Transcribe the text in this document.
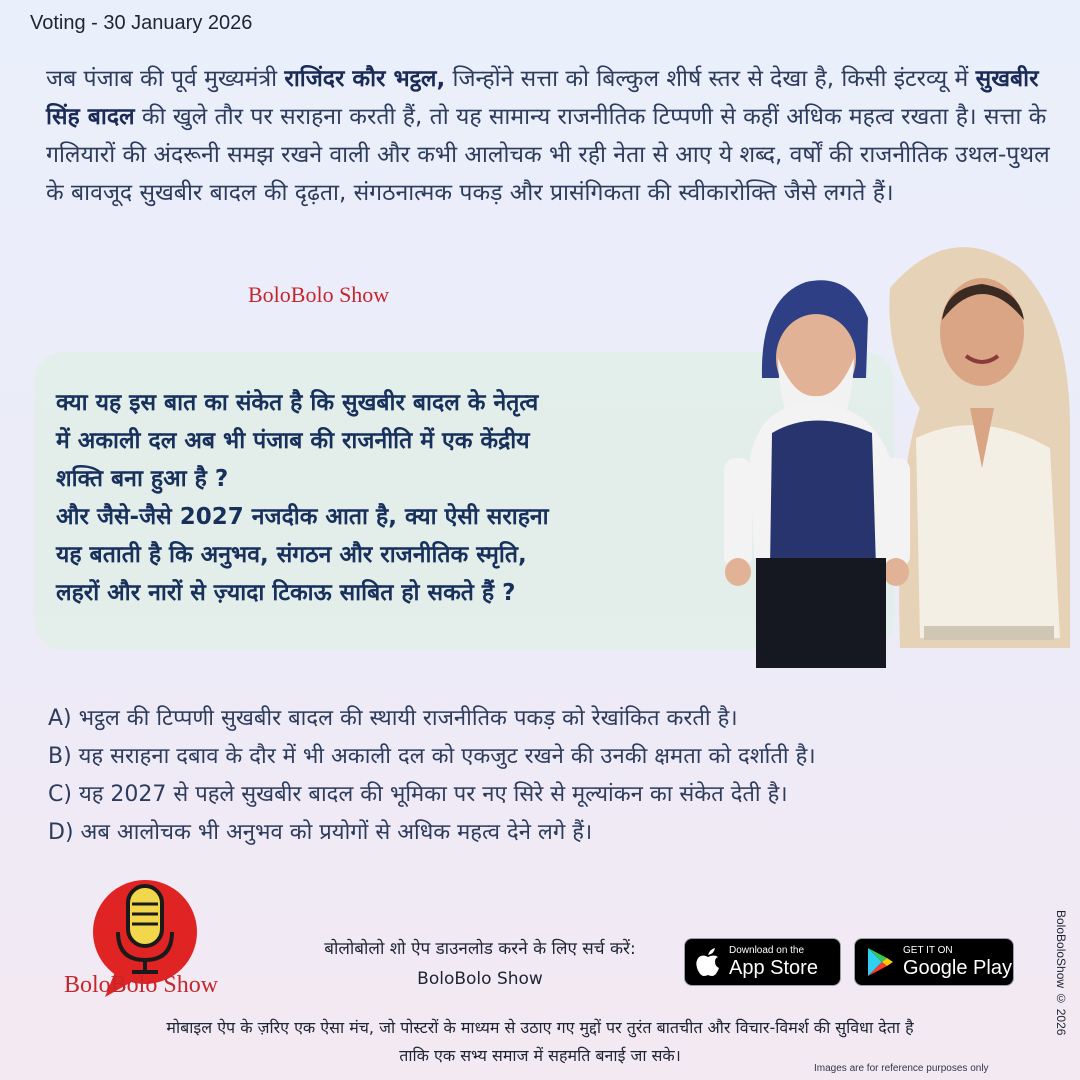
Voting - 30 January 2026

जब पंजाब की पूर्व मुख्यमंत्री राजिंदर कौर भट्ठल, जिन्होंने सत्ता को बिल्कुल शीर्ष स्तर से देखा है, किसी इंटरव्यू में सुखबीर सिंह बादल की खुले तौर पर सराहना करती हैं, तो यह सामान्य राजनीतिक टिप्पणी से कहीं अधिक महत्व रखता है। सत्ता के गलियारों की अंदरूनी समझ रखने वाली और कभी आलोचक भी रही नेता से आए ये शब्द, वर्षों की राजनीतिक उथल-पुथल के बावजूद सुखबीर बादल की दृढ़ता, संगठनात्मक पकड़ और प्रासंगिकता की स्वीकारोक्ति जैसे लगते हैं।

BoloBolo Show
क्या यह इस बात का संकेत है कि सुखबीर बादल के नेतृत्व
में अकाली दल अब भी पंजाब की राजनीति में एक केंद्रीय
शक्ति बना हुआ है ?
और जैसे-जैसे 2027 नजदीक आता है, क्या ऐसी सराहना
यह बताती है कि अनुभव, संगठन और राजनीतिक स्मृति,
लहरों और नारों से ज़्यादा टिकाऊ साबित हो सकते हैं ?
A) भट्ठल की टिप्पणी सुखबीर बादल की स्थायी राजनीतिक पकड़ को रेखांकित करती है।
B) यह सराहना दबाव के दौर में भी अकाली दल को एकजुट रखने की उनकी क्षमता को दर्शाती है।
C) यह 2027 से पहले सुखबीर बादल की भूमिका पर नए सिरे से मूल्यांकन का संकेत देती है।
D) अब आलोचक भी अनुभव को प्रयोगों से अधिक महत्व देने लगे हैं।
BoloBolo Show
बोलोबोलो शो ऐप डाउनलोड करने के लिए सर्च करें:
BoloBolo Show
Download on the
App Store
GET IT ON
Google Play
मोबाइल ऐप के ज़रिए एक ऐसा मंच, जो पोस्टरों के माध्यम से उठाए गए मुद्दों पर तुरंत बातचीत और विचार-विमर्श की सुविधा देता है
ताकि एक सभ्य समाज में सहमति बनाई जा सके।
BoloBoloShow © 2026
Images are for reference purposes only
